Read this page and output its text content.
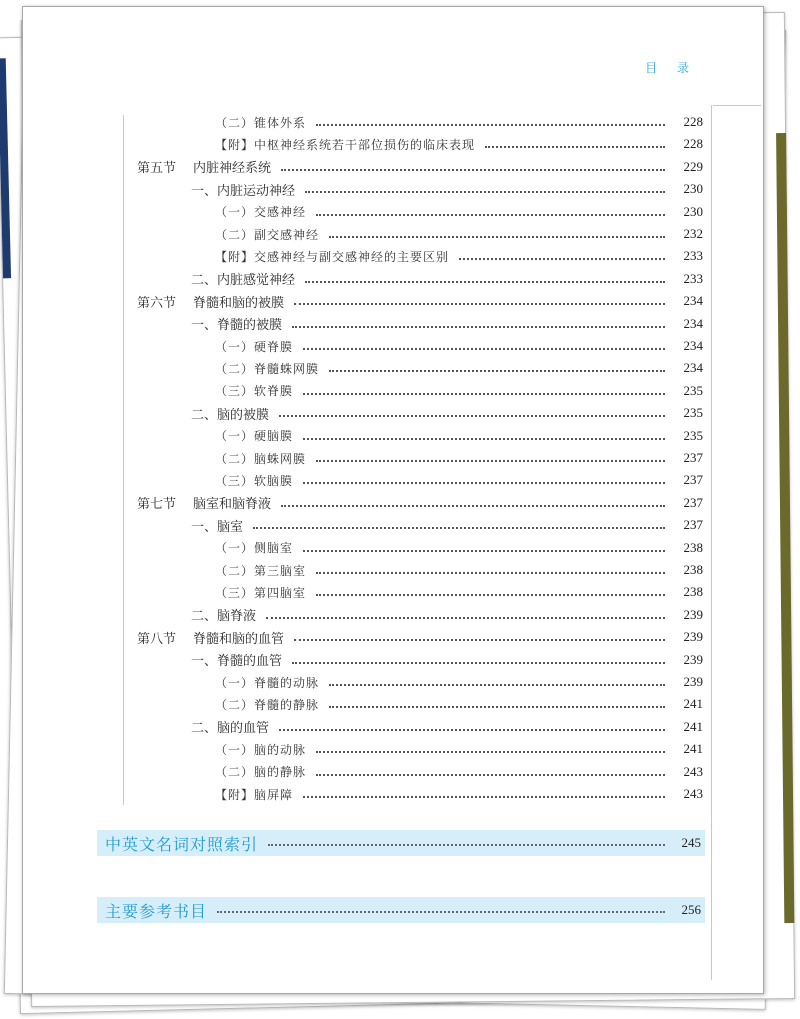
目 录
（二）锥体外系	228
【附】中枢神经系统若干部位损伤的临床表现	228
第五节 内脏神经系统	229
一、内脏运动神经	230
（一）交感神经	230
（二）副交感神经	232
【附】交感神经与副交感神经的主要区别	233
二、内脏感觉神经	233
第六节 脊髓和脑的被膜	234
一、脊髓的被膜	234
（一）硬脊膜	234
（二）脊髓蛛网膜	234
（三）软脊膜	235
二、脑的被膜	235
（一）硬脑膜	235
（二）脑蛛网膜	237
（三）软脑膜	237
第七节 脑室和脑脊液	237
一、脑室	237
（一）侧脑室	238
（二）第三脑室	238
（三）第四脑室	238
二、脑脊液	239
第八节 脊髓和脑的血管	239
一、脊髓的血管	239
（一）脊髓的动脉	239
（二）脊髓的静脉	241
二、脑的血管	241
（一）脑的动脉	241
（二）脑的静脉	243
【附】脑屏障	243
中英文名词对照索引	245
主要参考书目	256
